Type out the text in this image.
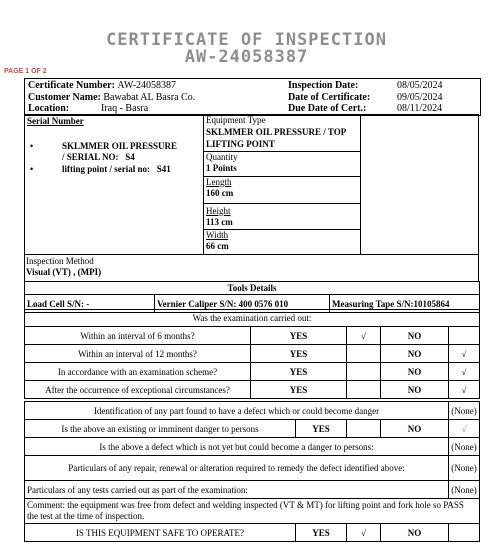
CERTIFICATE OF INSPECTION
AW-24058387
PAGE 1 OF 2
Certificate Number: AW-24058387	Inspection Date:	08/05/2024
Customer Name: Bawabat AL Basra Co.	Date of Certificate:	09/05/2024
Location:	Iraq - Basra	Due Date of Cert.:	08/11/2024
Serial Number
•	SKLMMER OIL PRESSURE
/ SERIAL NO:   S4
•	lifting point / serial no:   S41
Equipment Type
SKLMMER OIL PRESSURE / TOP LIFTING POINT
Quantity
1 Points
Length
160 cm
Height
113 cm
Width
66 cm
Inspection Method
Visual (VT) , (MPI)
Tools Details
Load Cell S/N: -	Vernier Caliper S/N: 400 0576 010	Measuring Tape S/N:10105864
Was the examination carried out:				
Within an interval of 6 months?	YES	√	NO	
Within an interval of 12 months?	YES		NO	√
In accordance with an examination scheme?	YES		NO	√
After the occurrence of exceptional circumstances?	YES		NO	√
Identification of any part found to have a defect which or could become danger				(None)
Is the above an existing or imminent danger to persons	YES		NO	√
Is the above a defect which is not yet but could become a danger to persons:				(None)
Particulars of any repair, renewal or alteration required to remedy the defect identified above:				(None)
Particulars of any tests carried out as part of the examination:				(None)
Comment: the equipment was free from defect and welding inspected (VT & MT) for lifting point and fork hole so PASS the test at the time of inspection.				
IS THIS EQUIPMENT SAFE TO OPERATE?	YES	√	NO	
